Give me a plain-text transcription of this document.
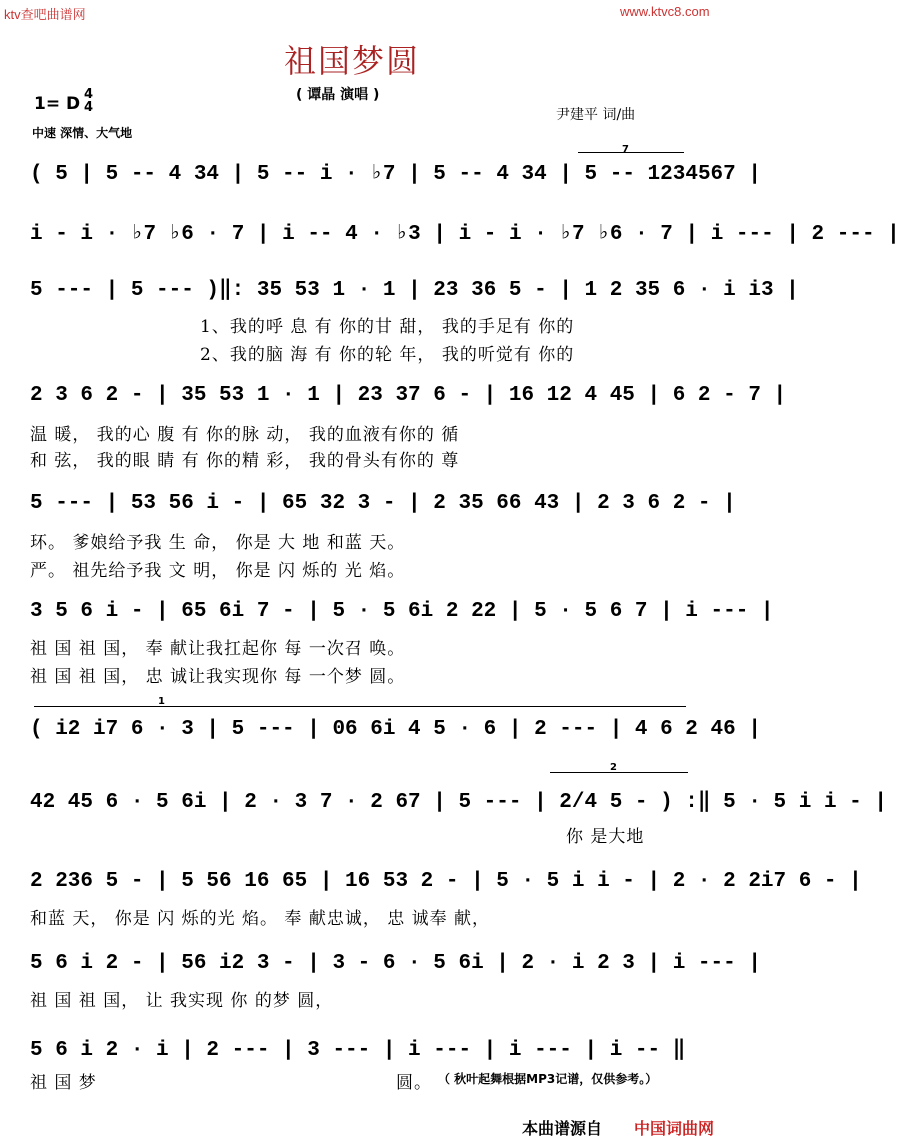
ktv查吧曲谱网	www.ktvc8.com
祖国梦圆
( 谭晶 演唱 )
1= D 4
4
中速 深情、大气地
尹建平 词/曲
7
( 5 | 5 -- 4 34 | 5 -- i · ♭7 | 5 -- 4 34 | 5 -- 1234567 |
i - i · ♭7 ♭6 · 7 | i -- 4 · ♭3 | i - i · ♭7 ♭6 · 7 | i --- | 2 --- |
5 --- | 5 --- )‖: 35 53 1 · 1 | 23 36 5 - | 1 2 35 6 · i i3 |
1、我的呼 息 有 你的甘 甜， 我的手足有 你的
2、我的脑 海 有 你的轮 年， 我的听觉有 你的
2 3 6 2 - | 35 53 1 · 1 | 23 37 6 - | 16 12 4 45 | 6 2 - 7 |
温 暖， 我的心 腹 有 你的脉 动， 我的血液有你的 循
和 弦， 我的眼 睛 有 你的精 彩， 我的骨头有你的 尊
5 --- | 53 56 i - | 65 32 3 - | 2 35 66 43 | 2 3 6 2 - |
环。 爹娘给予我 生 命， 你是 大 地 和蓝 天。
严。 祖先给予我 文 明， 你是 闪 烁的 光 焰。
3 5 6 i - | 65 6i 7 - | 5 · 5 6i 2 22 | 5 · 5 6 7 | i --- |
祖 国 祖 国， 奉 献让我扛起你 每 一次召 唤。
祖 国 祖 国， 忠 诚让我实现你 每 一个梦 圆。
1
( i2 i7 6 · 3 | 5 --- | 06 6i 4 5 · 6 | 2 --- | 4 6 2 46 |
2
42 45 6 · 5 6i | 2 · 3 7 · 2 67 | 5 --- | 2/4 5 - ) :‖ 5 · 5 i i - |
你 是大地
2 236 5 - | 5 56 16 65 | 16 53 2 - | 5 · 5 i i - | 2 · 2 2i7 6 - |
和蓝 天， 你是 闪 烁的光 焰。 奉 献忠诚， 忠 诚奉 献，
5 6 i 2 - | 56 i2 3 - | 3 - 6 · 5 6i | 2 · i 2 3 | i --- |
祖 国 祖 国， 让 我实现 你 的梦 圆，
5 6 i 2 · i | 2 --- | 3 --- | i --- | i --- | i -- ‖
祖 国 梦	圆。 （ 秋叶起舞根据MP3记谱，仅供参考。）
本曲谱源自 中国词曲网
